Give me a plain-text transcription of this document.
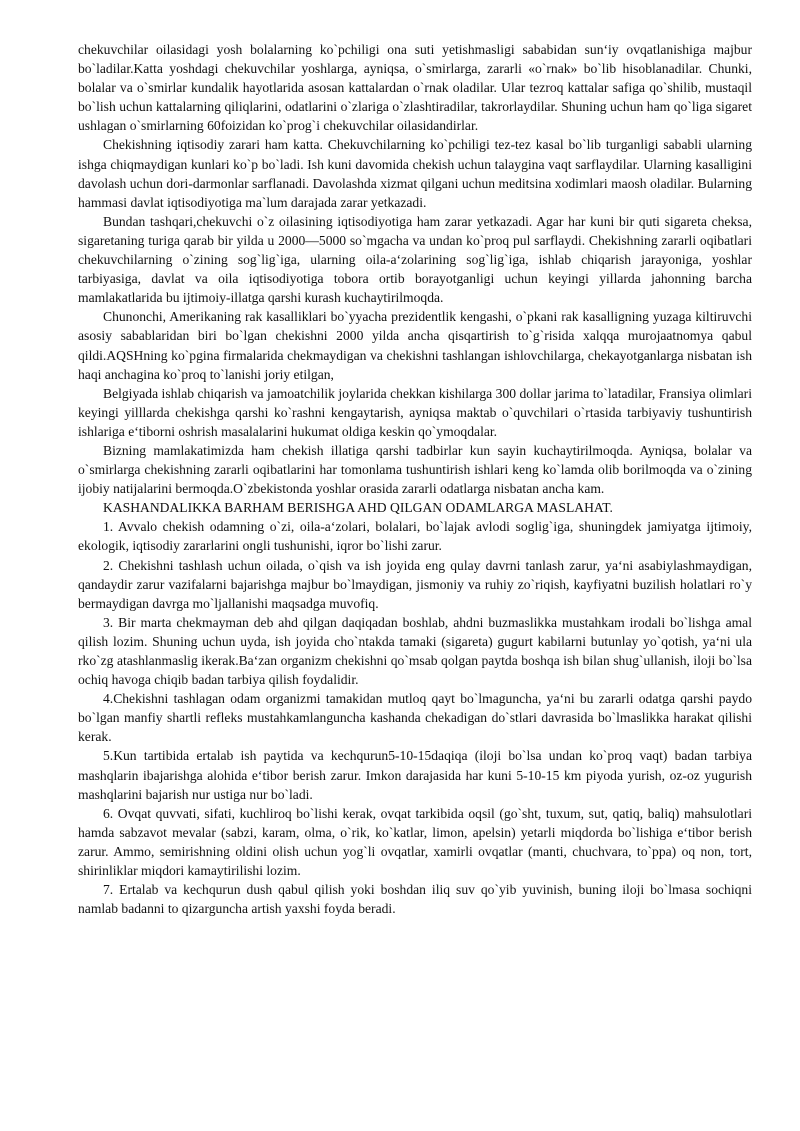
chekuvchilar oilasidagi yosh bolalarning ko`pchiligi ona suti yetishmasligi sababidan sun‘iy ovqatlanishiga majbur bo`ladilar.Katta yoshdagi chekuvchilar yoshlarga, ayniqsa, o`smirlarga, zararli «o`rnak» bo`lib hisoblanadilar. Chunki, bolalar va o`smirlar kundalik hayotlarida asosan kattalardan o`rnak oladilar. Ular tezroq kattalar safiga qo`shilib, mustaqil bo`lish uchun kattalarning qiliqlarini, odatlarini o`zlariga o`zlashtiradilar, takrorlaydilar. Shuning uchun ham qo`liga sigaret ushlagan o`smirlarning 60foizidan ko`prog`i chekuvchilar oilasidandirlar.

Chekishning iqtisodiy zarari ham katta. Chekuvchilarning ko`pchiligi tez-tez kasal bo`lib turganligi sababli ularning ishga chiqmaydigan kunlari ko`p bo`ladi. Ish kuni davomida chekish uchun talaygina vaqt sarflaydilar. Ularning kasalligini davolash uchun dori-darmonlar sarflanadi. Davolashda xizmat qilgani uchun meditsina xodimlari maosh oladilar. Bularning hammasi davlat iqtisodiyotiga ma`lum darajada zarar yetkazadi.

Bundan tashqari,chekuvchi o`z oilasining iqtisodiyotiga ham zarar yetkazadi. Agar har kuni bir quti sigareta cheksa, sigaretaning turiga qarab bir yilda u 2000—5000 so`mgacha va undan ko`proq pul sarflaydi. Chekishning zararli oqibatlari chekuvchilarning o`zining sog`lig`iga, ularning oila-a‘zolarining sog`lig`iga, ishlab chiqarish jarayoniga, yoshlar tarbiyasiga, davlat va oila iqtisodiyotiga tobora ortib borayotganligi uchun keyingi yillarda jahonning barcha mamlakatlarida bu ijtimoiy-illatga qarshi kurash kuchaytirilmoqda.

Chunonchi, Amerikaning rak kasalliklari bo`yyacha prezidentlik kengashi, o`pkani rak kasalligning yuzaga kiltiruvchi asosiy sabablaridan biri bo`lgan chekishni 2000 yilda ancha qisqartirish to`g`risida xalqqa murojaatnomya qabul qildi.AQSHning ko`pgina firmalarida chekmaydigan va chekishni tashlangan ishlovchilarga, chekayotganlarga nisbatan ish haqi anchagina ko`proq to`lanishi joriy etilgan,

Belgiyada ishlab chiqarish va jamoatchilik joylarida chekkan kishilarga 300 dollar jarima to`latadilar, Fransiya olimlari keyingi yilllarda chekishga qarshi ko`rashni kengaytarish, ayniqsa maktab o`quvchilari o`rtasida tarbiyaviy tushuntirish ishlariga e‘tiborni oshrish masalalarini hukumat oldiga keskin qo`ymoqdalar.

Bizning mamlakatimizda ham chekish illatiga qarshi tadbirlar kun sayin kuchaytirilmoqda. Ayniqsa, bolalar va o`smirlarga chekishning zararli oqibatlarini har tomonlama tushuntirish ishlari keng ko`lamda olib borilmoqda va o`zining ijobiy natijalarini bermoqda.O`zbekistonda yoshlar orasida zararli odatlarga nisbatan ancha kam.

KASHANDALIKKA BARHAM BERISHGA AHD QILGAN ODAMLARGA MASLAHAT.

1. Avvalo chekish odamning o`zi, oila-a‘zolari, bolalari, bo`lajak avlodi soglig`iga, shuningdek jamiyatga ijtimoiy, ekologik, iqtisodiy zararlarini ongli tushunishi, iqror bo`lishi zarur.

2. Chekishni tashlash uchun oilada, o`qish va ish joyida eng qulay davrni tanlash zarur, ya‘ni asabiylashmaydigan, qandaydir zarur vazifalarni bajarishga majbur bo`lmaydigan, jismoniy va ruhiy zo`riqish, kayfiyatni buzilish holatlari ro`y bermaydigan davrga mo`ljallanishi maqsadga muvofiq.

3. Bir marta chekmayman deb ahd qilgan daqiqadan boshlab, ahdni buzmaslikka mustahkam irodali bo`lishga amal qilish lozim. Shuning uchun uyda, ish joyida cho`ntakda tamaki (sigareta) gugurt kabilarni butunlay yo`qotish, ya‘ni ula rko`zg atashlanmaslig ikerak.Ba‘zan organizm chekishni qo`msab qolgan paytda boshqa ish bilan shug`ullanish, iloji bo`lsa ochiq havoga chiqib badan tarbiya qilish foydalidir.

4.Chekishni tashlagan odam organizmi tamakidan mutloq qayt bo`lmaguncha, ya‘ni bu zararli odatga qarshi paydo bo`lgan manfiy shartli refleks mustahkamlanguncha kashanda chekadigan do`stlari davrasida bo`lmaslikka harakat qilishi kerak.

5.Kun tartibida ertalab ish paytida va kechqurun5-10-15daqiqa (iloji bo`lsa undan ko`proq vaqt) badan tarbiya mashqlarin ibajarishga alohida e‘tibor berish zarur. Imkon darajasida har kuni 5-10-15 km piyoda yurish, oz-oz yugurish mashqlarini bajarish nur ustiga nur bo`ladi.

6. Ovqat quvvati, sifati, kuchliroq bo`lishi kerak, ovqat tarkibida oqsil (go`sht, tuxum, sut, qatiq, baliq) mahsulotlari hamda sabzavot mevalar (sabzi, karam, olma, o`rik, ko`katlar, limon, apelsin) yetarli miqdorda bo`lishiga e‘tibor berish zarur. Ammo, semirishning oldini olish uchun yog`li ovqatlar, xamirli ovqatlar (manti, chuchvara, to`ppa) oq non, tort, shirinliklar miqdori kamaytirilishi lozim.

7. Ertalab va kechqurun dush qabul qilish yoki boshdan iliq suv qo`yib yuvinish, buning iloji bo`lmasa sochiqni namlab badanni to qizarguncha artish yaxshi foyda beradi.
